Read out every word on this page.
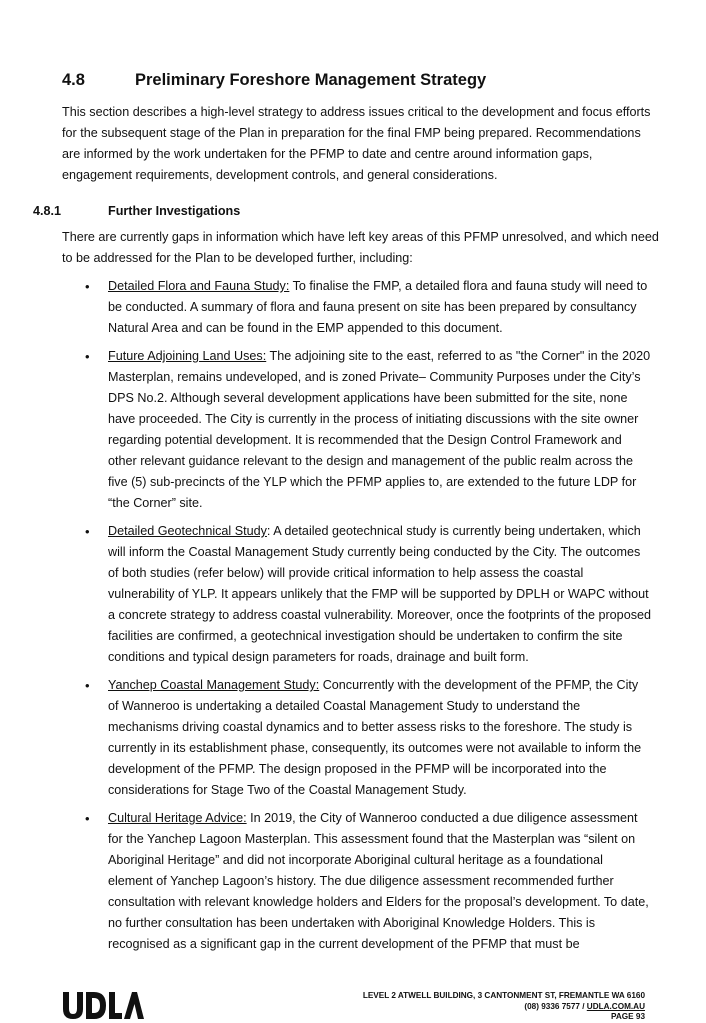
4.8	Preliminary Foreshore Management Strategy

This section describes a high-level strategy to address issues critical to the development and focus efforts for the subsequent stage of the Plan in preparation for the final FMP being prepared. Recommendations are informed by the work undertaken for the PFMP to date and centre around information gaps, engagement requirements, development controls, and general considerations.

4.8.1	Further Investigations

There are currently gaps in information which have left key areas of this PFMP unresolved, and which need to be addressed for the Plan to be developed further, including:

• Detailed Flora and Fauna Study: To finalise the FMP, a detailed flora and fauna study will need to be conducted. A summary of flora and fauna present on site has been prepared by consultancy Natural Area and can be found in the EMP appended to this document.
• Future Adjoining Land Uses: The adjoining site to the east, referred to as "the Corner" in the 2020 Masterplan, remains undeveloped, and is zoned Private– Community Purposes under the City’s DPS No.2. Although several development applications have been submitted for the site, none have proceeded. The City is currently in the process of initiating discussions with the site owner regarding potential development. It is recommended that the Design Control Framework and other relevant guidance relevant to the design and management of the public realm across the five (5) sub-precincts of the YLP which the PFMP applies to, are extended to the future LDP for “the Corner” site.
• Detailed Geotechnical Study: A detailed geotechnical study is currently being undertaken, which will inform the Coastal Management Study currently being conducted by the City. The outcomes of both studies (refer below) will provide critical information to help assess the coastal vulnerability of YLP. It appears unlikely that the FMP will be supported by DPLH or WAPC without a concrete strategy to address coastal vulnerability. Moreover, once the footprints of the proposed facilities are confirmed, a geotechnical investigation should be undertaken to confirm the site conditions and typical design parameters for roads, drainage and built form.
• Yanchep Coastal Management Study: Concurrently with the development of the PFMP, the City of Wanneroo is undertaking a detailed Coastal Management Study to understand the mechanisms driving coastal dynamics and to better assess risks to the foreshore. The study is currently in its establishment phase, consequently, its outcomes were not available to inform the development of the PFMP. The design proposed in the PFMP will be incorporated into the considerations for Stage Two of the Coastal Management Study.
• Cultural Heritage Advice: In 2019, the City of Wanneroo conducted a due diligence assessment for the Yanchep Lagoon Masterplan. This assessment found that the Masterplan was “silent on Aboriginal Heritage” and did not incorporate Aboriginal cultural heritage as a foundational element of Yanchep Lagoon’s history. The due diligence assessment recommended further consultation with relevant knowledge holders and Elders for the proposal’s development. To date, no further consultation has been undertaken with Aboriginal Knowledge Holders. This is recognised as a significant gap in the current development of the PFMP that must be
LEVEL 2 ATWELL BUILDING, 3 CANTONMENT ST, FREMANTLE WA 6160
(08) 9336 7577 / UDLA.COM.AU
PAGE 93
